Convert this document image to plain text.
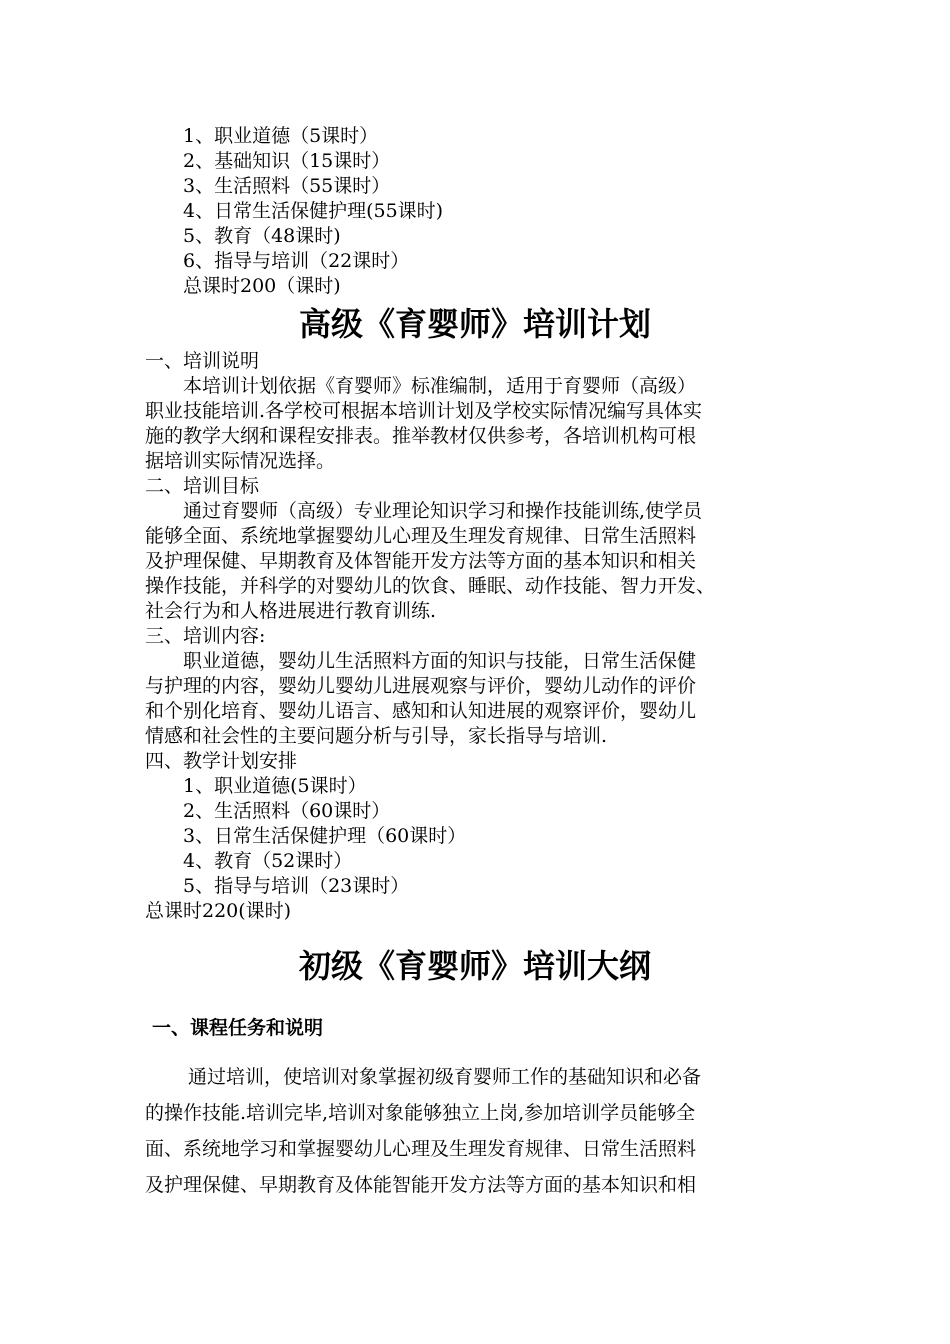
1、职业道德（5课时）
2、基础知识（15课时）
3、生活照料（55课时）
4、日常生活保健护理(55课时)
5、教育（48课时)
6、指导与培训（22课时）
总课时200（课时)
高级《育婴师》培训计划
一、培训说明
本培训计划依据《育婴师》标准编制，适用于育婴师（高级）
职业技能培训.各学校可根据本培训计划及学校实际情况编写具体实
施的教学大纲和课程安排表。推举教材仅供参考，各培训机构可根
据培训实际情况选择。
二、培训目标
通过育婴师（高级）专业理论知识学习和操作技能训练,使学员
能够全面、系统地掌握婴幼儿心理及生理发育规律、日常生活照料
及护理保健、早期教育及体智能开发方法等方面的基本知识和相关
操作技能，并科学的对婴幼儿的饮食、睡眠、动作技能、智力开发、
社会行为和人格进展进行教育训练.
三、培训内容:
职业道德，婴幼儿生活照料方面的知识与技能，日常生活保健
与护理的内容，婴幼儿婴幼儿进展观察与评价，婴幼儿动作的评价
和个别化培育、婴幼儿语言、感知和认知进展的观察评价，婴幼儿
情感和社会性的主要问题分析与引导，家长指导与培训.
四、教学计划安排
1、职业道德(5课时）
2、生活照料（60课时）
3、日常生活保健护理（60课时）
4、教育（52课时）
5、指导与培训（23课时）
总课时220(课时)
初级《育婴师》培训大纲
一、课程任务和说明
通过培训，使培训对象掌握初级育婴师工作的基础知识和必备
的操作技能.培训完毕,培训对象能够独立上岗,参加培训学员能够全
面、系统地学习和掌握婴幼儿心理及生理发育规律、日常生活照料
及护理保健、早期教育及体能智能开发方法等方面的基本知识和相
